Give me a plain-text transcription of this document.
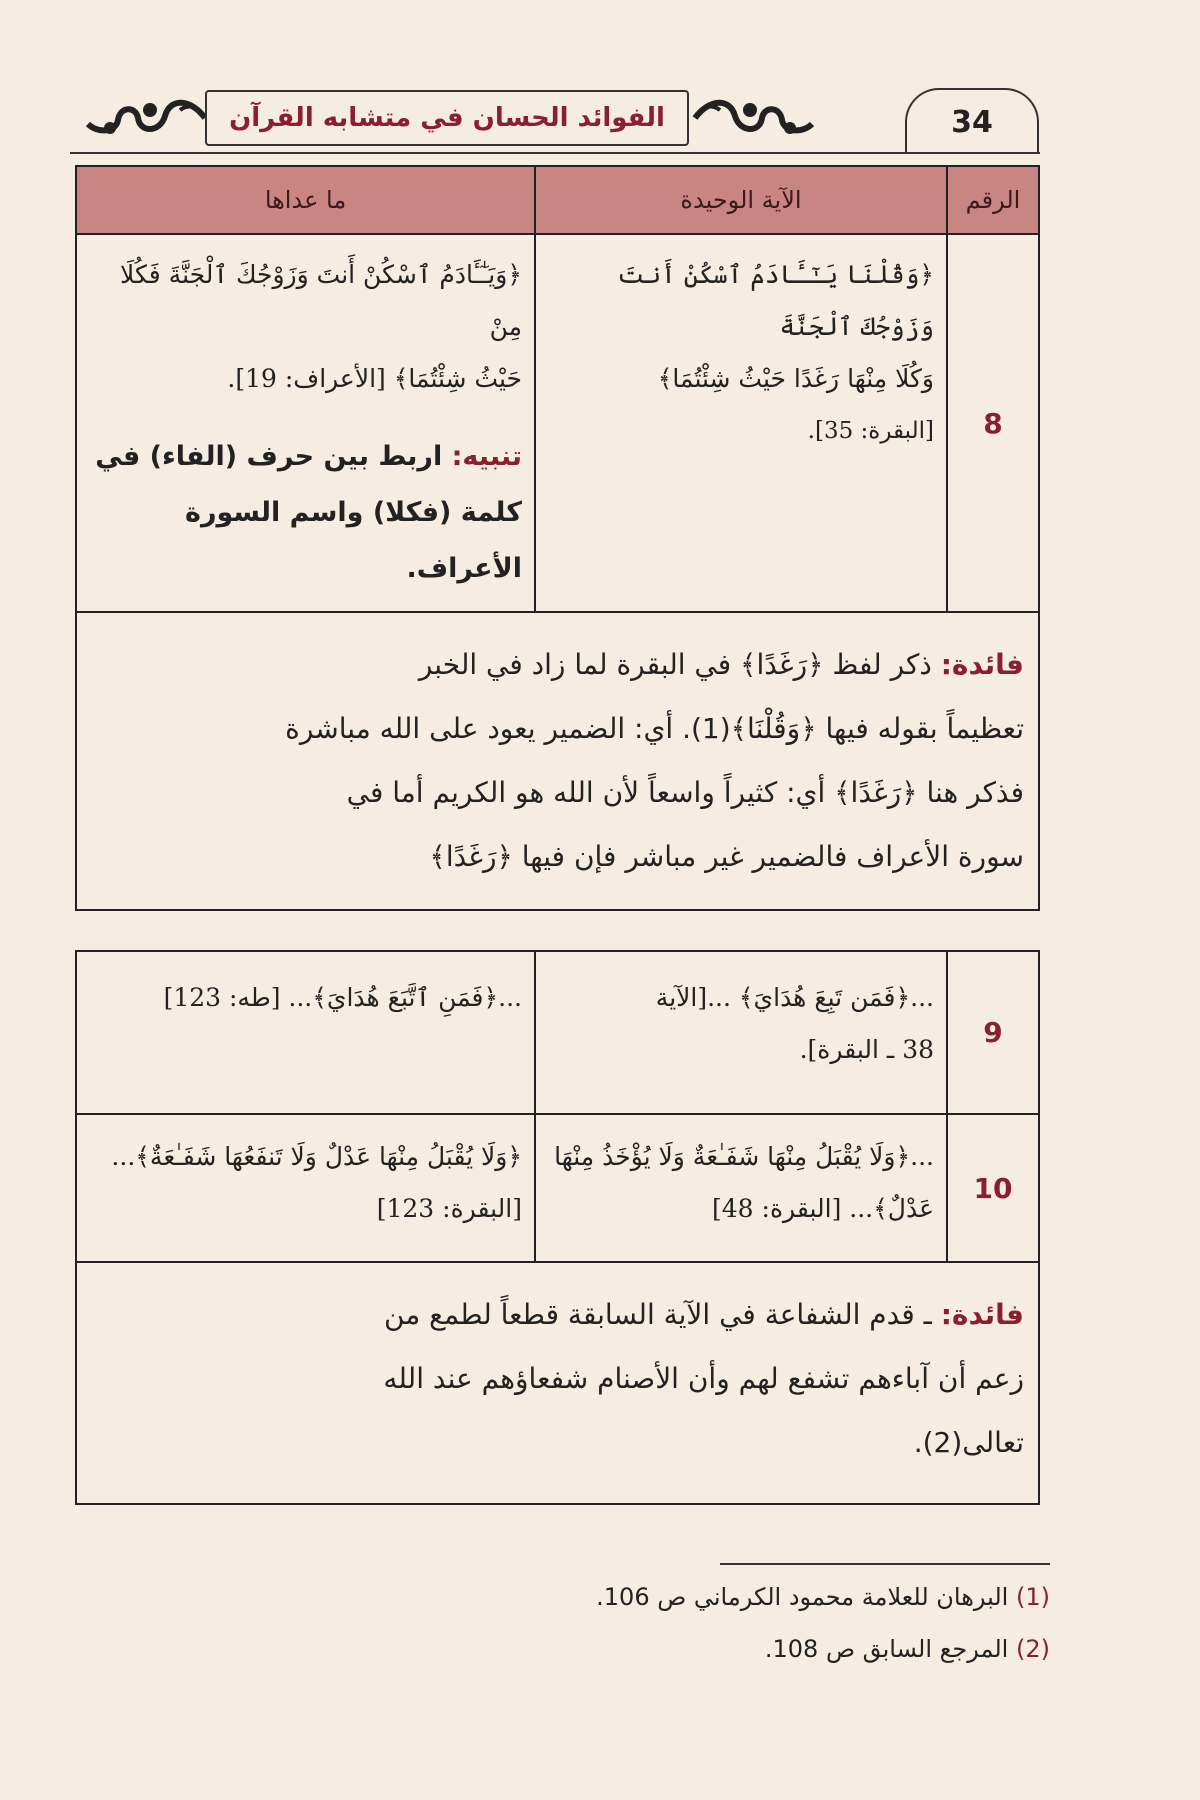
34
الفوائد الحسان في متشابه القرآن
الرقم
الآية الوحيدة
ما عداها
8

﴿وَقُلْنَا يَـٰٓـَٔادَمُ ٱسْكُنْ أَنتَ وَزَوْجُكَ ٱلْجَنَّةَ

وَكُلَا مِنْهَا رَغَدًا حَيْثُ شِئْتُمَا﴾

[البقرة: 35].

﴿وَيَـٰٓـَٔادَمُ ٱسْكُنْ أَنتَ وَزَوْجُكَ ٱلْجَنَّةَ فَكُلَا مِنْ

حَيْثُ شِئْتُمَا﴾ [الأعراف: 19].

تنبيه: اربط بين حرف (الفاء) في

كلمة (فكلا) واسم السورة

الأعراف.

فائدة: ذكر لفظ ﴿رَغَدًا﴾ في البقرة لما زاد في الخبر

تعظيماً بقوله فيها ﴿وَقُلْنَا﴾(1). أي: الضمير يعود على الله مباشرة

فذكر هنا ﴿رَغَدًا﴾ أي: كثيراً واسعاً لأن الله هو الكريم أما في

سورة الأعراف فالضمير غير مباشر فإن فيها ﴿رَغَدًا﴾

9

...﴿فَمَن تَبِعَ هُدَايَ﴾ ...[الآية

38 ـ البقرة].

...﴿فَمَنِ ٱتَّبَعَ هُدَايَ﴾... [طه: 123]

10

...﴿وَلَا يُقْبَلُ مِنْهَا شَفَـٰعَةٌ وَلَا يُؤْخَذُ مِنْهَا

عَدْلٌ﴾... [البقرة: 48]

﴿وَلَا يُقْبَلُ مِنْهَا عَدْلٌ وَلَا تَنفَعُهَا شَفَـٰعَةٌ﴾...

[البقرة: 123]

فائدة: ـ قدم الشفاعة في الآية السابقة قطعاً لطمع من

زعم أن آباءهم تشفع لهم وأن الأصنام شفعاؤهم عند الله

تعالى(2).

(1) البرهان للعلامة محمود الكرماني ص 106.
(2) المرجع السابق ص 108.
